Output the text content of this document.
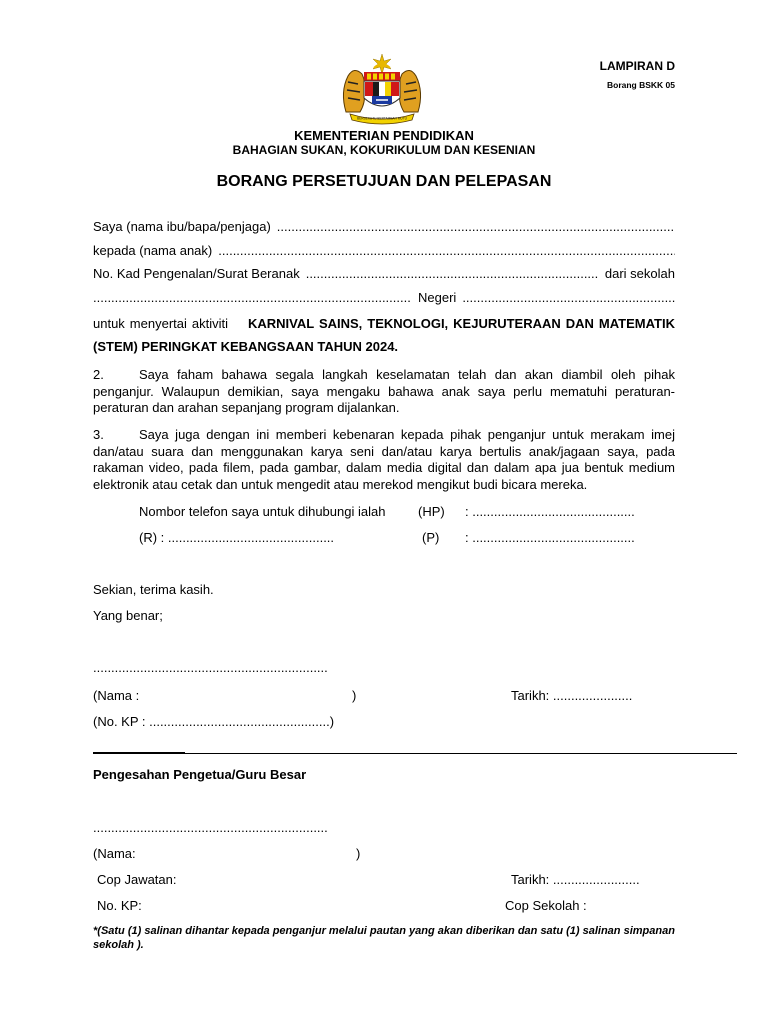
BERSEKUTU BERTAMBAH MUTU
LAMPIRAN D
Borang BSKK 05
KEMENTERIAN PENDIDIKAN
BAHAGIAN SUKAN, KOKURIKULUM DAN KESENIAN
BORANG PERSETUJUAN DAN PELEPASAN
Saya (nama ibu/bapa/penjaga)
.....
kepada (nama anak)
.....
No. Kad Pengenalan/Surat Beranak
.....	dari sekolah
.....
Negeri
.....
untuk menyertai aktiviti KARNIVAL SAINS, TEKNOLOGI, KEJURUTERAAN DAN MATEMATIK (STEM) PERINGKAT KEBANGSAAN TAHUN 2024.
2.	Saya faham bahawa segala langkah keselamatan telah dan akan diambil oleh pihak penganjur. Walaupun demikian, saya mengaku bahawa anak saya perlu mematuhi peraturan-peraturan dan arahan sepanjang program dijalankan.
3.	Saya juga dengan ini memberi kebenaran kepada pihak penganjur untuk merakam imej dan/atau suara dan menggunakan karya seni dan/atau karya bertulis anak/jagaan saya, pada rakaman video, pada filem, pada gambar, dalam media digital dan dalam apa jua bentuk medium elektronik atau cetak dan untuk mengedit atau merekod mengikut budi bicara mereka.
Nombor telefon saya untuk dihubungi ialah	(HP) : .............................................
(R) : ..............................................	(P) : .............................................
Sekian, terima kasih.
Yang benar;
.................................................................
(Nama :	)	Tarikh: ......................
(No. KP : ..................................................)
Pengesahan Pengetua/Guru Besar
.................................................................
(Nama:	)
Cop Jawatan:	Tarikh: ........................
No. KP:	Cop Sekolah :
*(Satu (1) salinan dihantar kepada penganjur melalui pautan yang akan diberikan dan satu (1) salinan simpanan sekolah ).
